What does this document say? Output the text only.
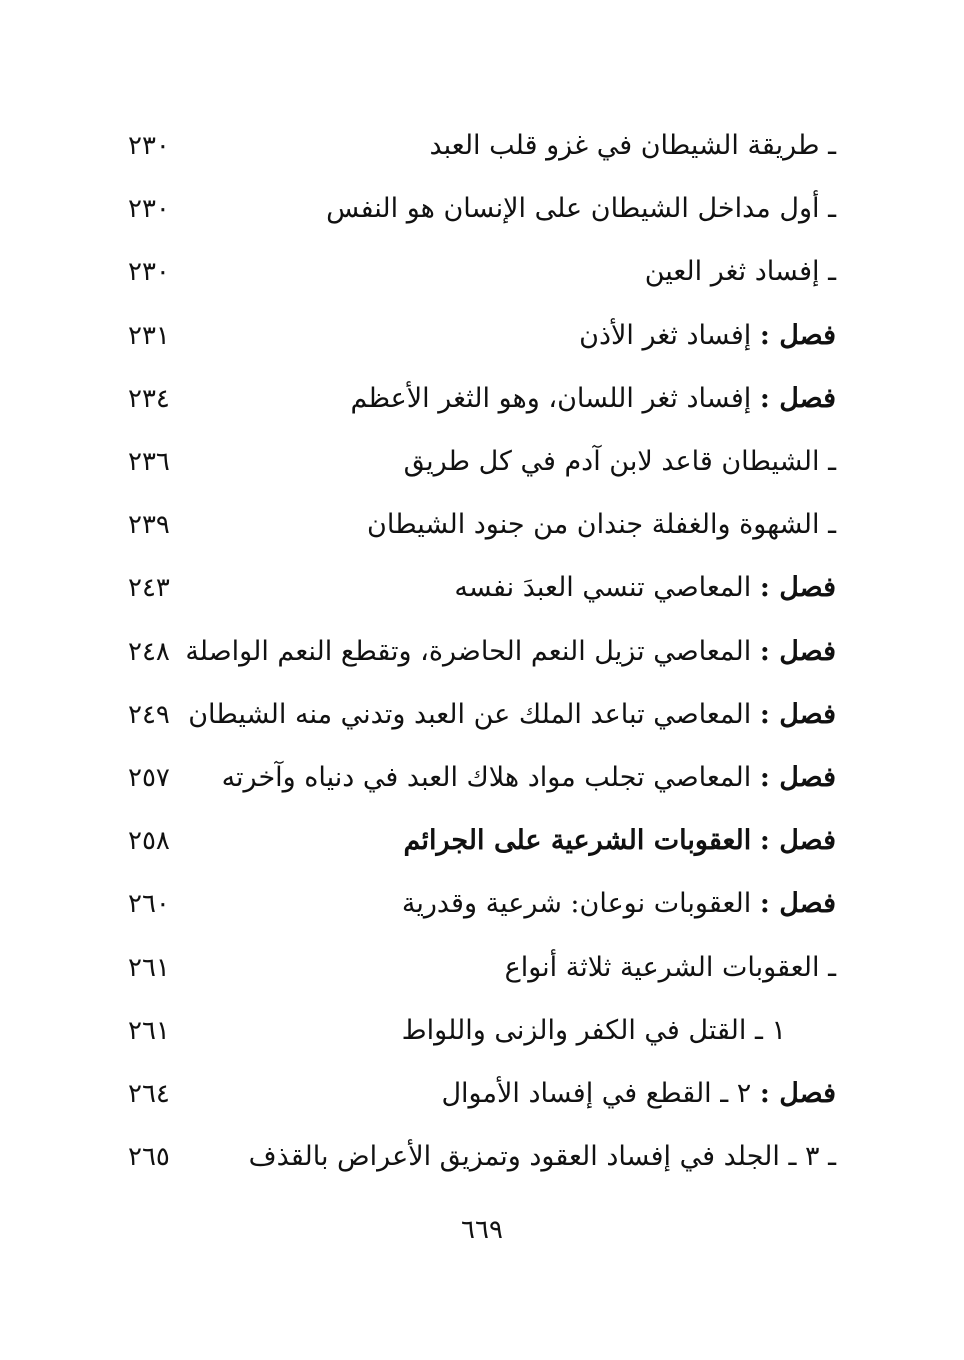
ـ طريقة الشيطان في غزو قلب العبد
٢٣٠
ـ أول مداخل الشيطان على الإنسان هو النفس
٢٣٠
ـ إفساد ثغر العين
٢٣٠
فصل : إفساد ثغر الأذن
٢٣١
فصل : إفساد ثغر اللسان، وهو الثغر الأعظم
٢٣٤
ـ الشيطان قاعد لابن آدم في كل طريق
٢٣٦
ـ الشهوة والغفلة جندان من جنود الشيطان
٢٣٩
فصل : المعاصي تنسي العبدَ نفسه
٢٤٣
فصل : المعاصي تزيل النعم الحاضرة، وتقطع النعم الواصلة
٢٤٨
فصل : المعاصي تباعد الملك عن العبد وتدني منه الشيطان
٢٤٩
فصل : المعاصي تجلب مواد هلاك العبد في دنياه وآخرته
٢٥٧
فصل : العقوبات الشرعية على الجرائم
٢٥٨
فصل : العقوبات نوعان: شرعية وقدرية
٢٦٠
ـ العقوبات الشرعية ثلاثة أنواع
٢٦١
١ ـ القتل في الكفر والزنى واللواط
٢٦١
فصل : ٢ ـ القطع في إفساد الأموال
٢٦٤
ـ ٣ ـ الجلد في إفساد العقود وتمزيق الأعراض بالقذف
٢٦٥
٦٦٩
